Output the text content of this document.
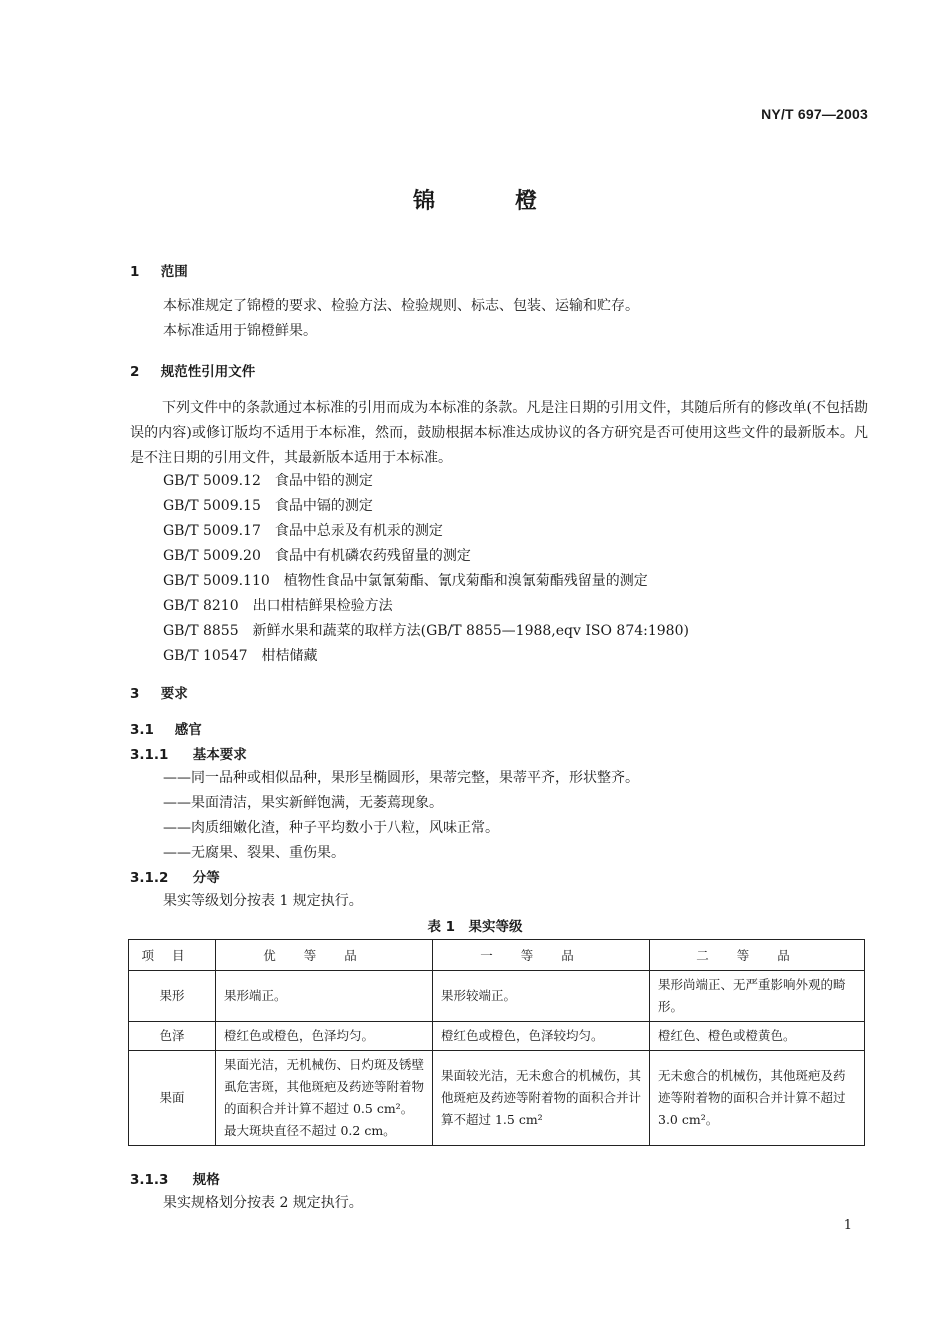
NY/T 697—2003
锦橙
1 范围
本标准规定了锦橙的要求、检验方法、检验规则、标志、包装、运输和贮存。
本标准适用于锦橙鲜果。
2 规范性引用文件
下列文件中的条款通过本标准的引用而成为本标准的条款。凡是注日期的引用文件，其随后所有的修改单(不包括勘误的内容)或修订版均不适用于本标准，然而，鼓励根据本标准达成协议的各方研究是否可使用这些文件的最新版本。凡是不注日期的引用文件，其最新版本适用于本标准。
GB/T 5009.12 食品中铅的测定
GB/T 5009.15 食品中镉的测定
GB/T 5009.17 食品中总汞及有机汞的测定
GB/T 5009.20 食品中有机磷农药残留量的测定
GB/T 5009.110 植物性食品中氯氰菊酯、氰戊菊酯和溴氰菊酯残留量的测定
GB/T 8210 出口柑桔鲜果检验方法
GB/T 8855 新鲜水果和蔬菜的取样方法(GB/T 8855—1988,eqv ISO 874:1980)
GB/T 10547 柑桔储藏
3 要求
3.1 感官
3.1.1 基本要求
——同一品种或相似品种，果形呈椭圆形，果蒂完整，果蒂平齐，形状整齐。
——果面清洁，果实新鲜饱满，无萎蔫现象。
——肉质细嫩化渣，种子平均数小于八粒，风味正常。
——无腐果、裂果、重伤果。
3.1.2 分等
果实等级划分按表 1 规定执行。
表 1　果实等级
项目	优等品	一等品	二等品
果形	果形端正。	果形较端正。	果形尚端正、无严重影响外观的畸形。
色泽	橙红色或橙色，色泽均匀。	橙红色或橙色，色泽较均匀。	橙红色、橙色或橙黄色。
果面	果面光洁，无机械伤、日灼斑及锈壁虱危害斑，其他斑疤及药迹等附着物的面积合并计算不超过 0.5 cm²。最大斑块直径不超过 0.2 cm。	果面较光洁，无未愈合的机械伤，其他斑疤及药迹等附着物的面积合并计算不超过 1.5 cm²	无未愈合的机械伤，其他斑疤及药迹等附着物的面积合并计算不超过 3.0 cm²。
3.1.3 规格
果实规格划分按表 2 规定执行。
1
